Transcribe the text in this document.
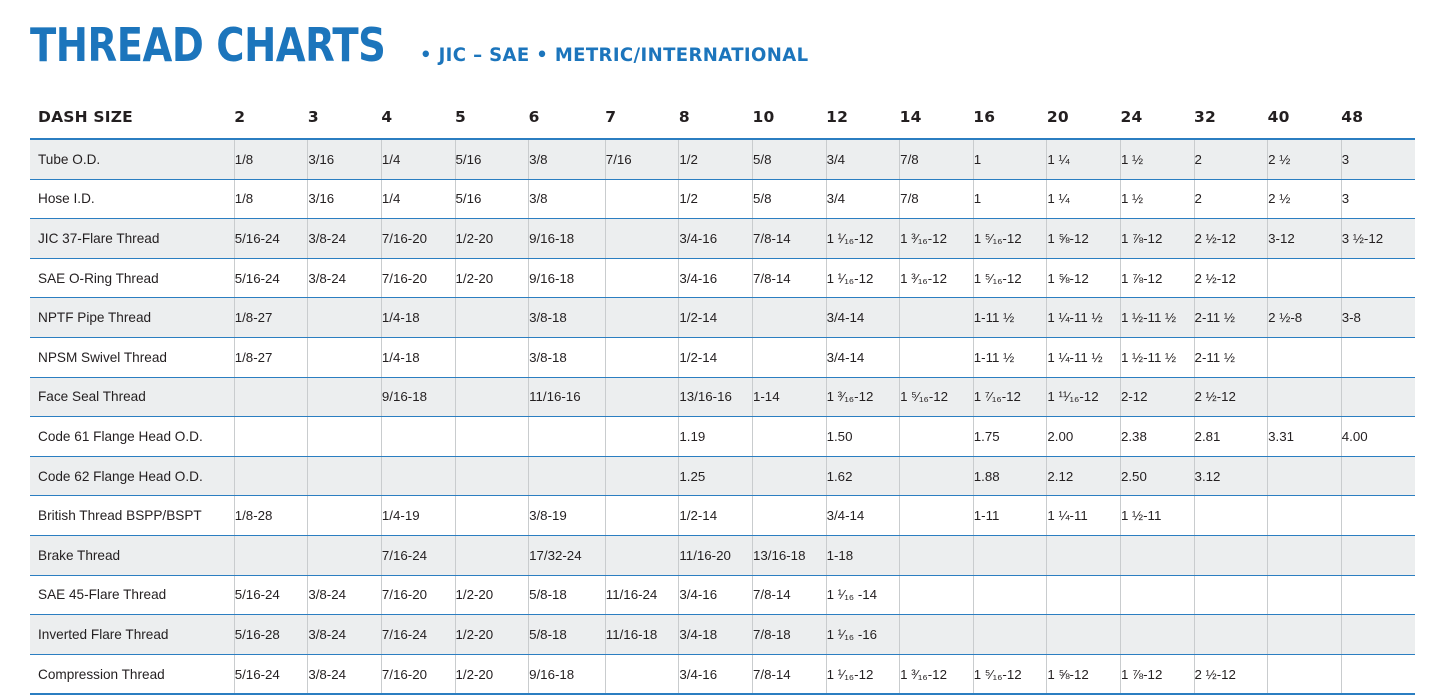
THREAD CHARTS • JIC – SAE • METRIC/INTERNATIONAL
DASH SIZE	2	3	4	5	6	7	8	10	12	14	16	20	24	32	40	48
Tube O.D.	1/8	3/16	1/4	5/16	3/8	7/16	1/2	5/8	3/4	7/8	1	1 ¼	1 ½	2	2 ½	3
Hose I.D.	1/8	3/16	1/4	5/16	3/8		1/2	5/8	3/4	7/8	1	1 ¼	1 ½	2	2 ½	3
JIC 37-Flare Thread	5/16-24	3/8-24	7/16-20	1/2-20	9/16-18		3/4-16	7/8-14	1 ¹⁄₁₆-12	1 ³⁄₁₆-12	1 ⁵⁄₁₆-12	1 ⅝-12	1 ⅞-12	2 ½-12	3-12	3 ½-12
SAE O-Ring Thread	5/16-24	3/8-24	7/16-20	1/2-20	9/16-18		3/4-16	7/8-14	1 ¹⁄₁₆-12	1 ³⁄₁₆-12	1 ⁵⁄₁₆-12	1 ⅝-12	1 ⅞-12	2 ½-12		
NPTF Pipe Thread	1/8-27		1/4-18		3/8-18		1/2-14		3/4-14		1-11 ½	1 ¼-11 ½	1 ½-11 ½	2-11 ½	2 ½-8	3-8
NPSM Swivel Thread	1/8-27		1/4-18		3/8-18		1/2-14		3/4-14		1-11 ½	1 ¼-11 ½	1 ½-11 ½	2-11 ½		
Face Seal Thread			9/16-18		11/16-16		13/16-16	1-14	1 ³⁄₁₆-12	1 ⁵⁄₁₆-12	1 ⁷⁄₁₆-12	1 ¹¹⁄₁₆-12	2-12	2 ½-12		
Code 61 Flange Head O.D.							1.19		1.50		1.75	2.00	2.38	2.81	3.31	4.00
Code 62 Flange Head O.D.							1.25		1.62		1.88	2.12	2.50	3.12		
British Thread BSPP/BSPT	1/8-28		1/4-19		3/8-19		1/2-14		3/4-14		1-11	1 ¼-11	1 ½-11			
Brake Thread			7/16-24		17/32-24		11/16-20	13/16-18	1-18							
SAE 45-Flare Thread	5/16-24	3/8-24	7/16-20	1/2-20	5/8-18	11/16-24	3/4-16	7/8-14	1 ¹⁄₁₆ -14							
Inverted Flare Thread	5/16-28	3/8-24	7/16-24	1/2-20	5/8-18	11/16-18	3/4-18	7/8-18	1 ¹⁄₁₆ -16							
Compression Thread	5/16-24	3/8-24	7/16-20	1/2-20	9/16-18		3/4-16	7/8-14	1 ¹⁄₁₆-12	1 ³⁄₁₆-12	1 ⁵⁄₁₆-12	1 ⅝-12	1 ⅞-12	2 ½-12		
